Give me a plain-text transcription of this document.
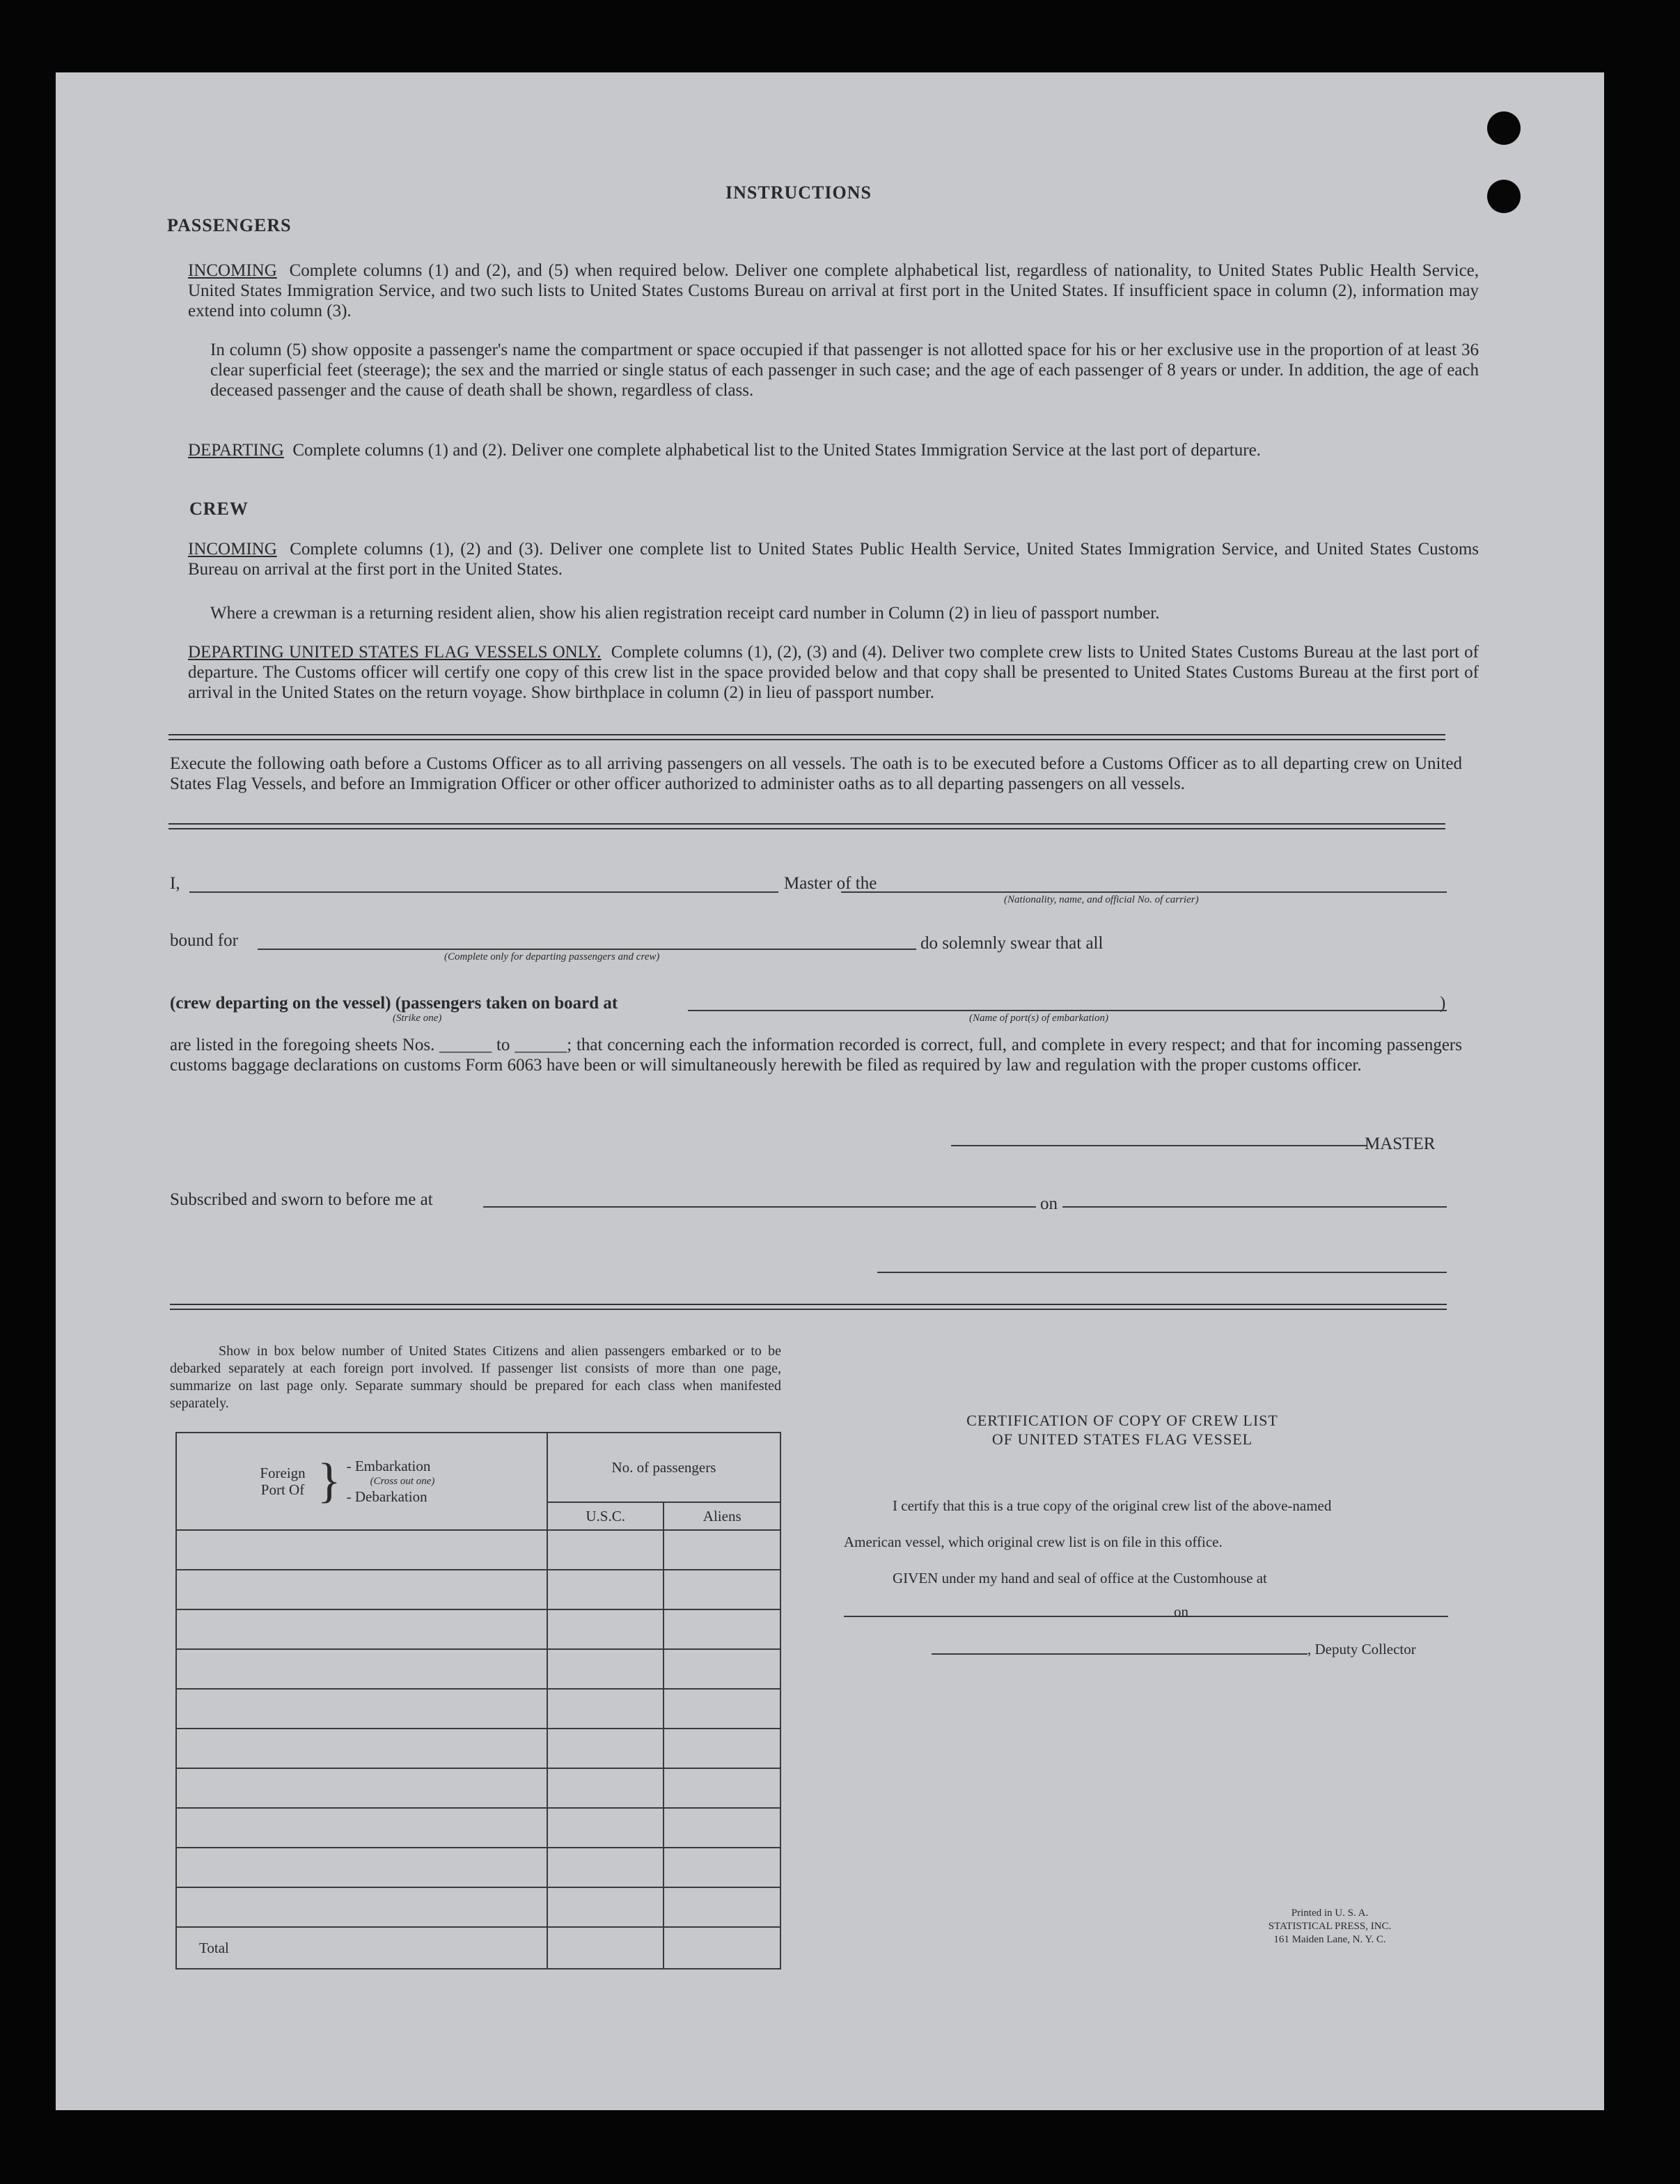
INSTRUCTIONS
PASSENGERS
INCOMING Complete columns (1) and (2), and (5) when required below. Deliver one complete alphabetical list, regardless of nationality, to United States Public Health Service, United States Immigration Service, and two such lists to United States Customs Bureau on arrival at first port in the United States. If insufficient space in column (2), information may extend into column (3).
In column (5) show opposite a passenger's name the compartment or space occupied if that passenger is not allotted space for his or her exclusive use in the proportion of at least 36 clear superficial feet (steerage); the sex and the married or single status of each passenger in such case; and the age of each passenger of 8 years or under. In addition, the age of each deceased passenger and the cause of death shall be shown, regardless of class.
DEPARTING Complete columns (1) and (2). Deliver one complete alphabetical list to the United States Immigration Service at the last port of departure.
CREW
INCOMING Complete columns (1), (2) and (3). Deliver one complete list to United States Public Health Service, United States Immigration Service, and United States Customs Bureau on arrival at the first port in the United States.
Where a crewman is a returning resident alien, show his alien registration receipt card number in Column (2) in lieu of passport number.
DEPARTING UNITED STATES FLAG VESSELS ONLY. Complete columns (1), (2), (3) and (4). Deliver two complete crew lists to United States Customs Bureau at the last port of departure. The Customs officer will certify one copy of this crew list in the space provided below and that copy shall be presented to United States Customs Bureau at the first port of arrival in the United States on the return voyage. Show birthplace in column (2) in lieu of passport number.
Execute the following oath before a Customs Officer as to all arriving passengers on all vessels. The oath is to be executed before a Customs Officer as to all departing crew on United States Flag Vessels, and before an Immigration Officer or other officer authorized to administer oaths as to all departing passengers on all vessels.
I,	Master of the
(Nationality, name, and official No. of carrier)
bound for
(Complete only for departing passengers and crew)
do solemnly swear that all
(crew departing on the vessel) (passengers taken on board at	)
(Strike one)	(Name of port(s) of embarkation)
are listed in the foregoing sheets Nos. ______ to ______; that concerning each the information recorded is correct, full, and complete in every respect; and that for incoming passengers customs baggage declarations on customs Form 6063 have been or will simultaneously herewith be filed as required by law and regulation with the proper customs officer.
MASTER
Subscribed and sworn to before me at	on
Show in box below number of United States Citizens and alien passengers embarked or to be debarked separately at each foreign port involved. If passenger list consists of more than one page, summarize on last page only. Separate summary should be prepared for each class when manifested separately.
Foreign Port Of } - Embarkation
(Cross out one)
- Debarkation	No. of passengers	
	U.S.C.	Aliens

Total		
CERTIFICATION OF COPY OF CREW LIST
OF UNITED STATES FLAG VESSEL
I certify that this is a true copy of the original crew list of the above-named
American vessel, which original crew list is on file in this office.
GIVEN under my hand and seal of office at the Customhouse at
on
, Deputy Collector
Printed in U. S. A.
STATISTICAL PRESS, INC.
161 Maiden Lane, N. Y. C.
